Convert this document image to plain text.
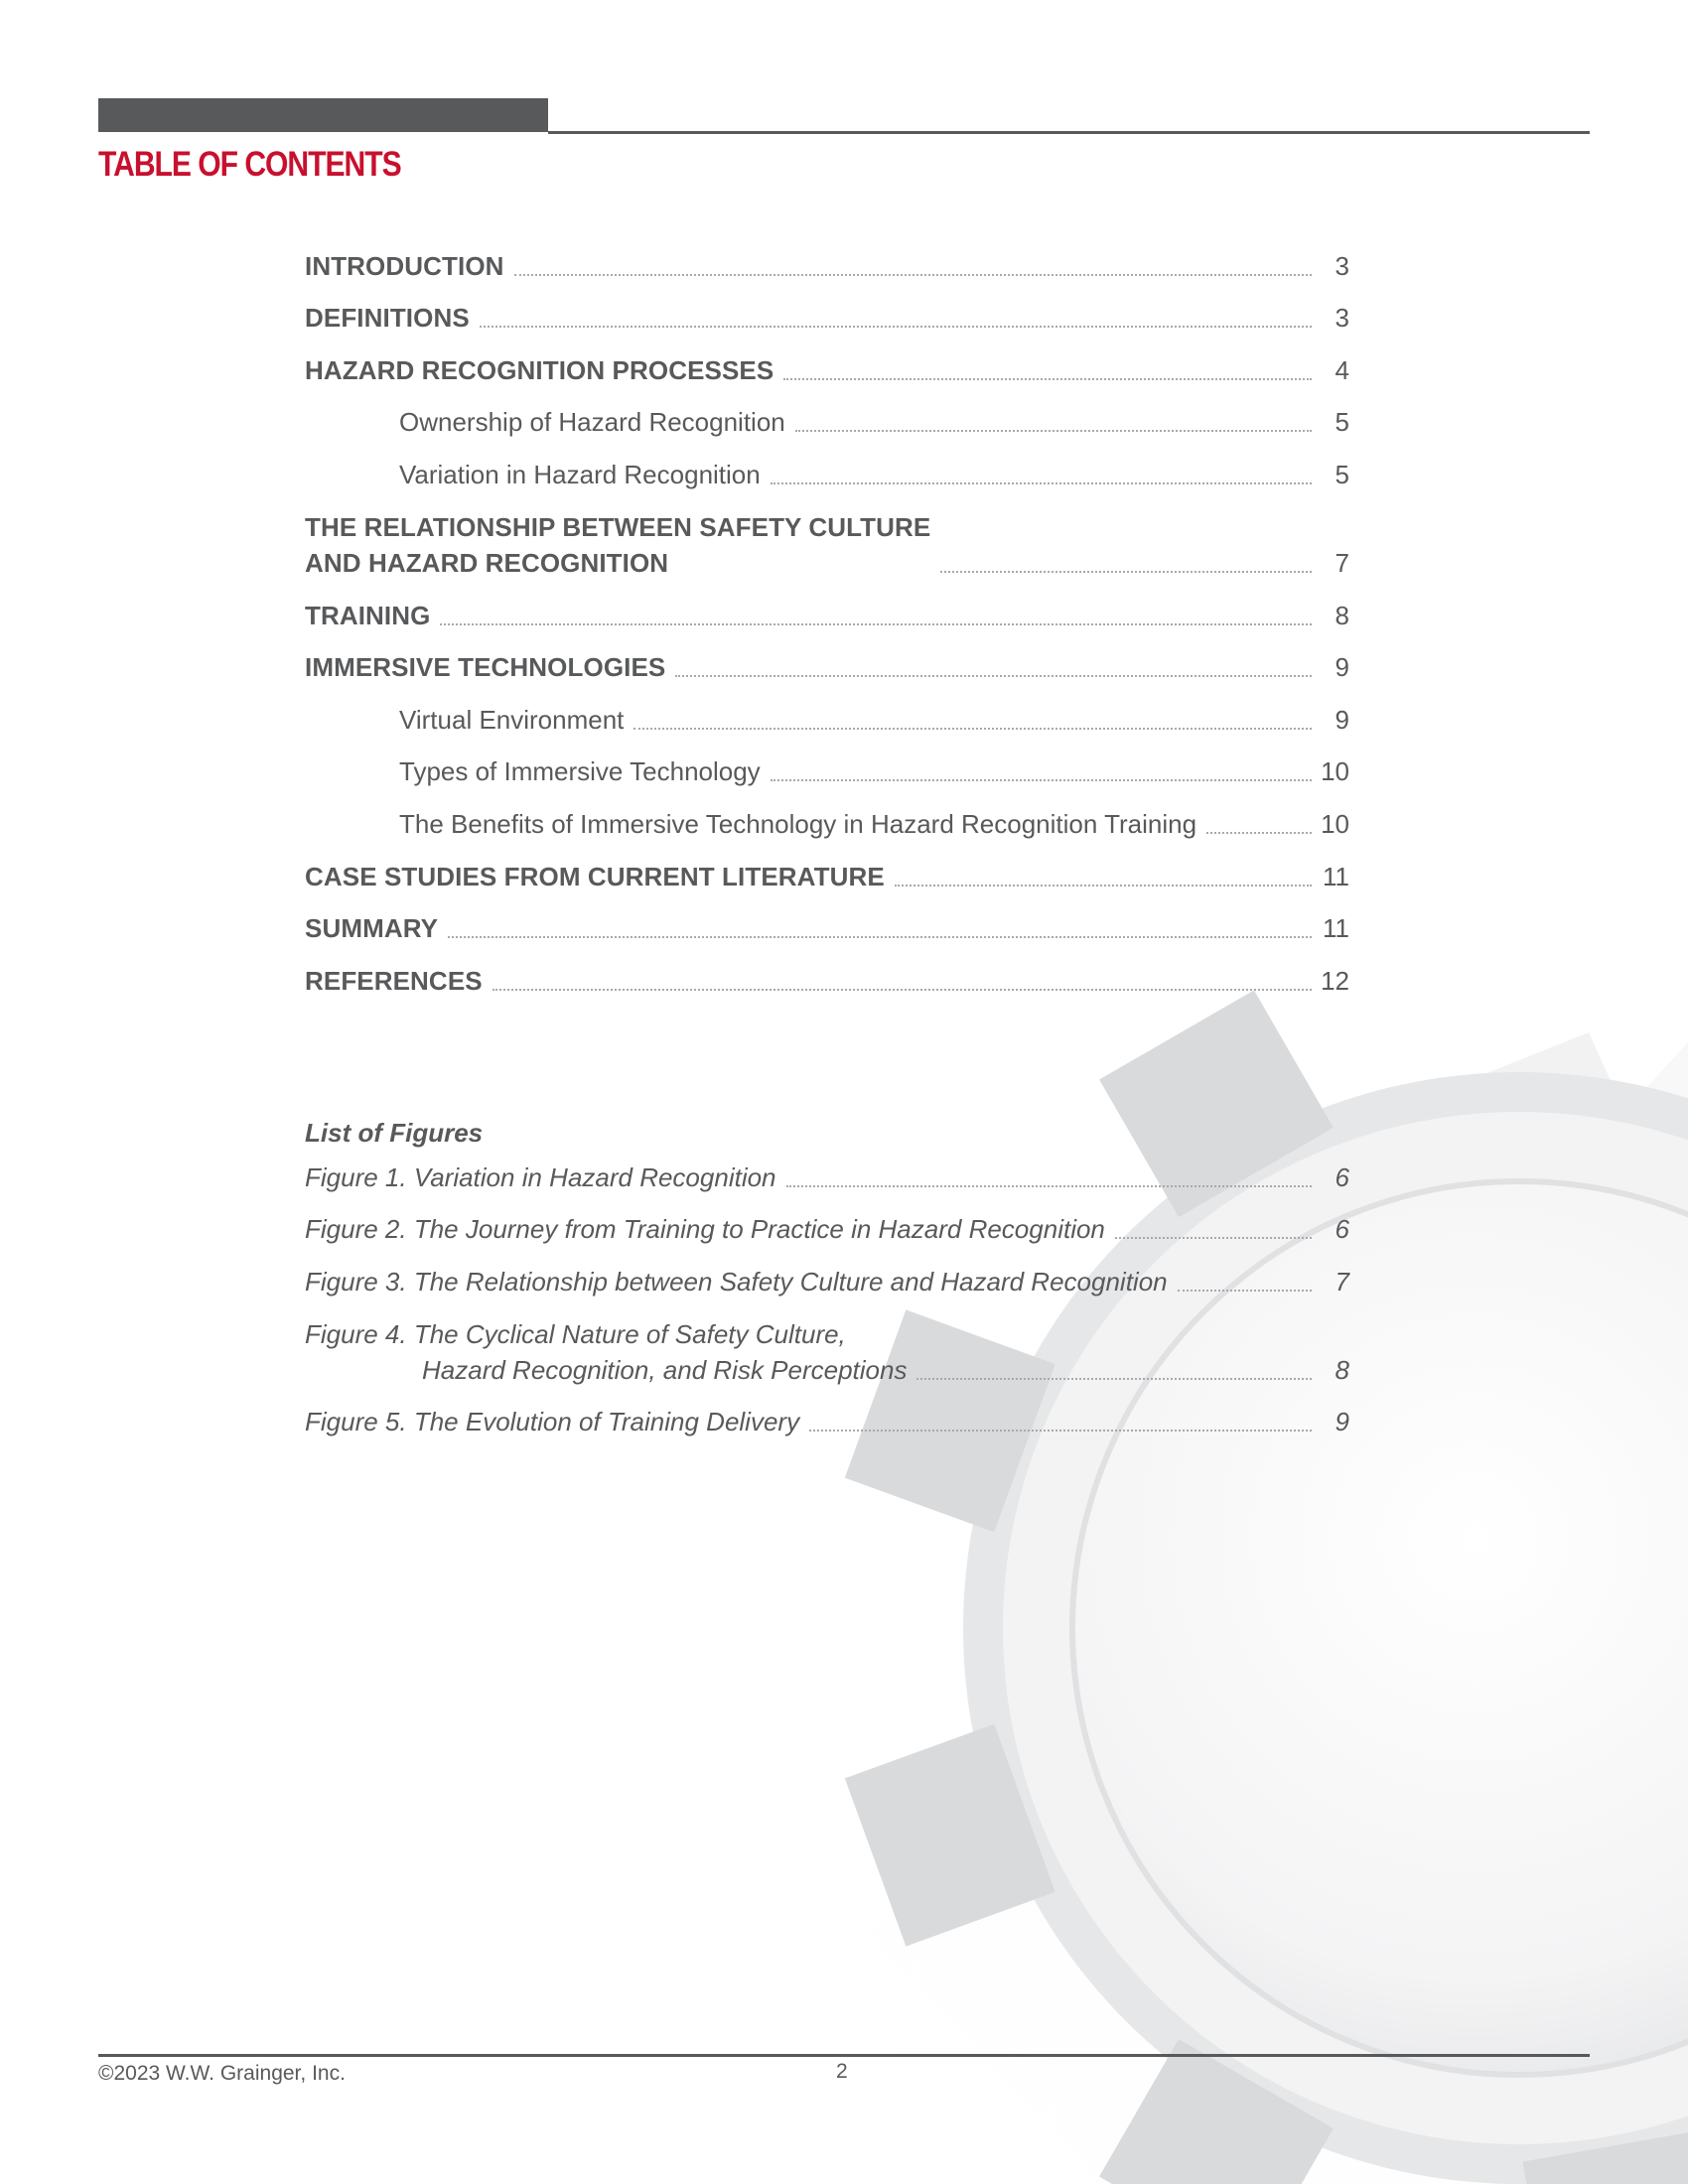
TABLE OF CONTENTS
INTRODUCTION	3
DEFINITIONS	3
HAZARD RECOGNITION PROCESSES	4
Ownership of Hazard Recognition	5
Variation in Hazard Recognition	5
THE RELATIONSHIP BETWEEN SAFETY CULTURE
AND HAZARD RECOGNITION	7
TRAINING	8
IMMERSIVE TECHNOLOGIES	9
Virtual Environment	9
Types of Immersive Technology	10
The Benefits of Immersive Technology in Hazard Recognition Training	10
CASE STUDIES FROM CURRENT LITERATURE	11
SUMMARY	11
REFERENCES	12
List of Figures
Figure 1. Variation in Hazard Recognition	6
Figure 2. The Journey from Training to Practice in Hazard Recognition	6
Figure 3. The Relationship between Safety Culture and Hazard Recognition	7
Figure 4. The Cyclical Nature of Safety Culture,
Hazard Recognition, and Risk Perceptions	8
Figure 5. The Evolution of Training Delivery	9
©2023 W.W. Grainger, Inc.	2
